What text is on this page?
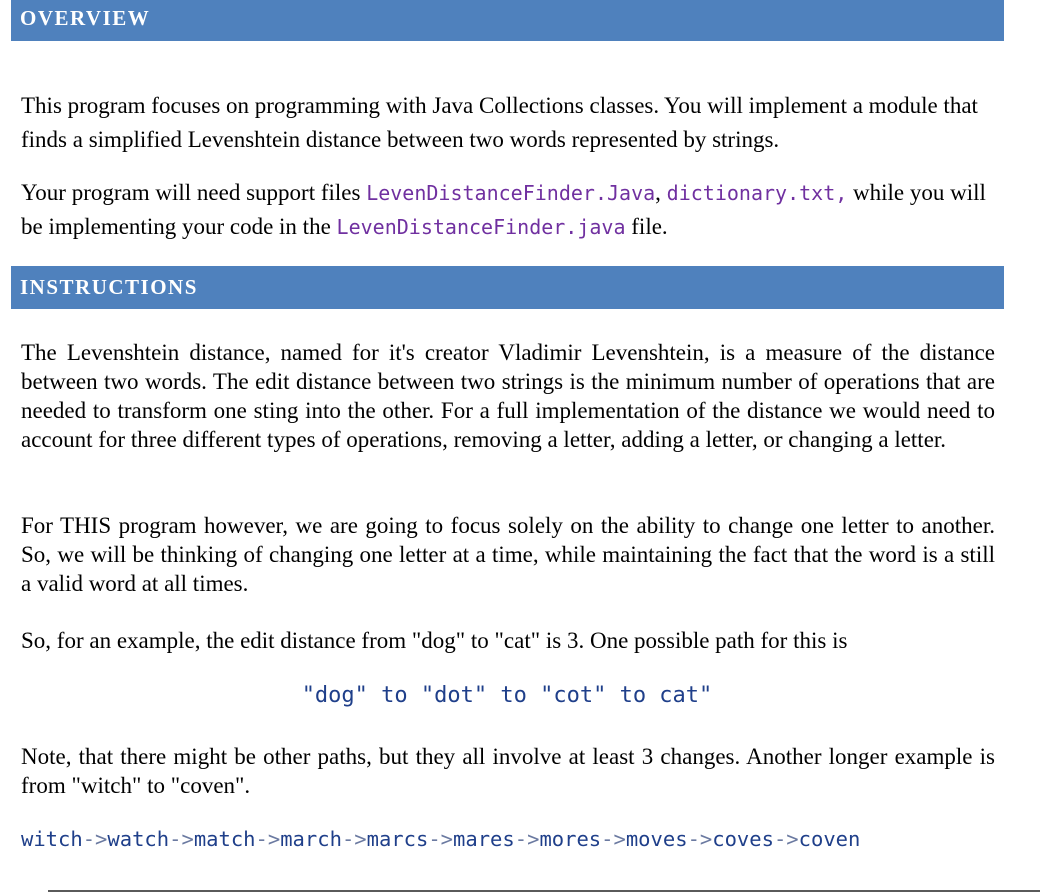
OVERVIEW

This program focuses on programming with Java Collections classes. You will implement a module that finds a simplified Levenshtein distance between two words represented by strings.

Your program will need support files LevenDistanceFinder.Java, dictionary.txt, while you will be implementing your code in the LevenDistanceFinder.java file.

INSTRUCTIONS

The Levenshtein distance, named for it's creator Vladimir Levenshtein, is a measure of the distance between two words. The edit distance between two strings is the minimum number of operations that are needed to transform one sting into the other. For a full implementation of the distance we would need to account for three different types of operations, removing a letter, adding a letter, or changing a letter.

For THIS program however, we are going to focus solely on the ability to change one letter to another. So, we will be thinking of changing one letter at a time, while maintaining the fact that the word is a still a valid word at all times.

So, for an example, the edit distance from "dog" to "cat" is 3. One possible path for this is

"dog" to "dot" to "cot" to cat"

Note, that there might be other paths, but they all involve at least 3 changes. Another longer example is from "witch" to "coven".

witch->watch->match->march->marcs->mares->mores->moves->coves->coven
